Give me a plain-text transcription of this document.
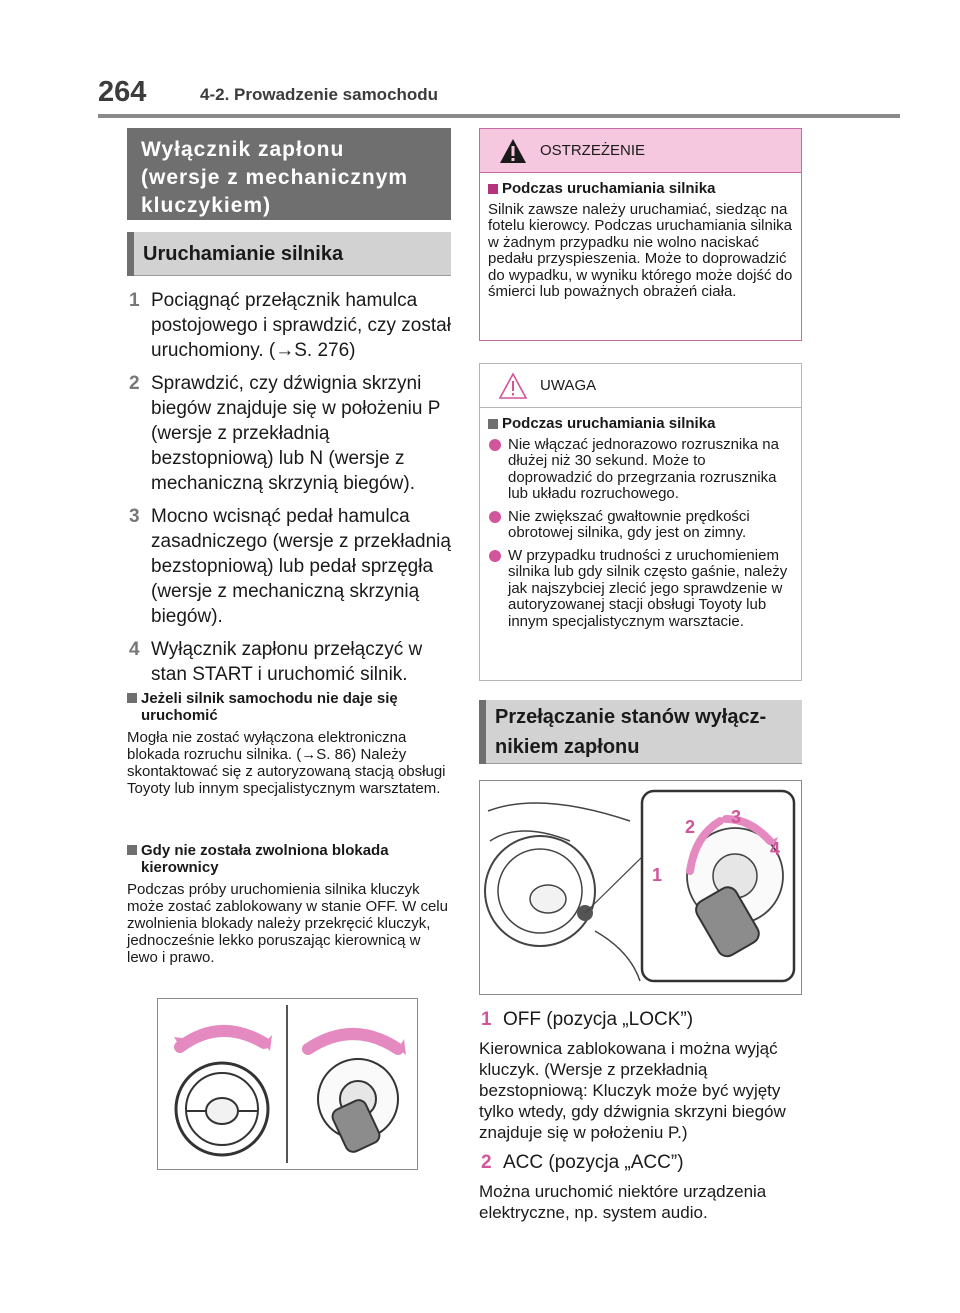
264	4-2. Prowadzenie samochodu
Wyłącznik zapłonu
(wersje z mechanicznym
kluczykiem)
Uruchamianie silnika
1 Pociągnąć przełącznik hamulca postojowego i sprawdzić, czy został uruchomiony. (→S. 276)
2 Sprawdzić, czy dźwignia skrzyni biegów znajduje się w położeniu P (wersje z przekładnią bezstopniową) lub N (wersje z mechaniczną skrzynią biegów).
3 Mocno wcisnąć pedał hamulca zasadniczego (wersje z przekładnią bezstopniową) lub pedał sprzęgła (wersje z mechaniczną skrzynią biegów).
4 Wyłącznik zapłonu przełączyć w stan START i uruchomić silnik.
Jeżeli silnik samochodu nie daje się uruchomić
Mogła nie zostać wyłączona elektroniczna blokada rozruchu silnika. (→S. 86) Należy skontaktować się z autoryzowaną stacją obsługi Toyoty lub innym specjalistycznym warsztatem.
Gdy nie została zwolniona blokada kierownicy
Podczas próby uruchomienia silnika kluczyk może zostać zablokowany w stanie OFF. W celu zwolnienia blokady należy przekręcić kluczyk, jednocześnie lekko poruszając kierownicą w lewo i prawo.
OSTRZEŻENIE
Podczas uruchamiania silnika
Silnik zawsze należy uruchamiać, siedząc na fotelu kierowcy. Podczas uruchamiania silnika w żadnym przypadku nie wolno naciskać pedału przyspieszenia. Może to doprowadzić do wypadku, w wyniku którego może dojść do śmierci lub poważnych obrażeń ciała.
UWAGA
Podczas uruchamiania silnika
Nie włączać jednorazowo rozrusznika na dłużej niż 30 sekund. Może to doprowadzić do przegrzania rozrusznika lub układu rozruchowego.
Nie zwiększać gwałtownie prędkości obrotowej silnika, gdy jest on zimny.
W przypadku trudności z uruchomieniem silnika lub gdy silnik często gaśnie, należy jak najszybciej zlecić jego sprawdzenie w autoryzowanej stacji obsługi Toyoty lub innym specjalistycznym warsztacie.
Przełączanie stanów wyłącz-
nikiem zapłonu
2 3
4
1
1 OFF (pozycja „LOCK”)
Kierownica zablokowana i można wyjąć kluczyk. (Wersje z przekładnią bezstopniową: Kluczyk może być wyjęty tylko wtedy, gdy dźwignia skrzyni biegów znajduje się w położeniu P.)
2 ACC (pozycja „ACC”)
Można uruchomić niektóre urządzenia elektryczne, np. system audio.
